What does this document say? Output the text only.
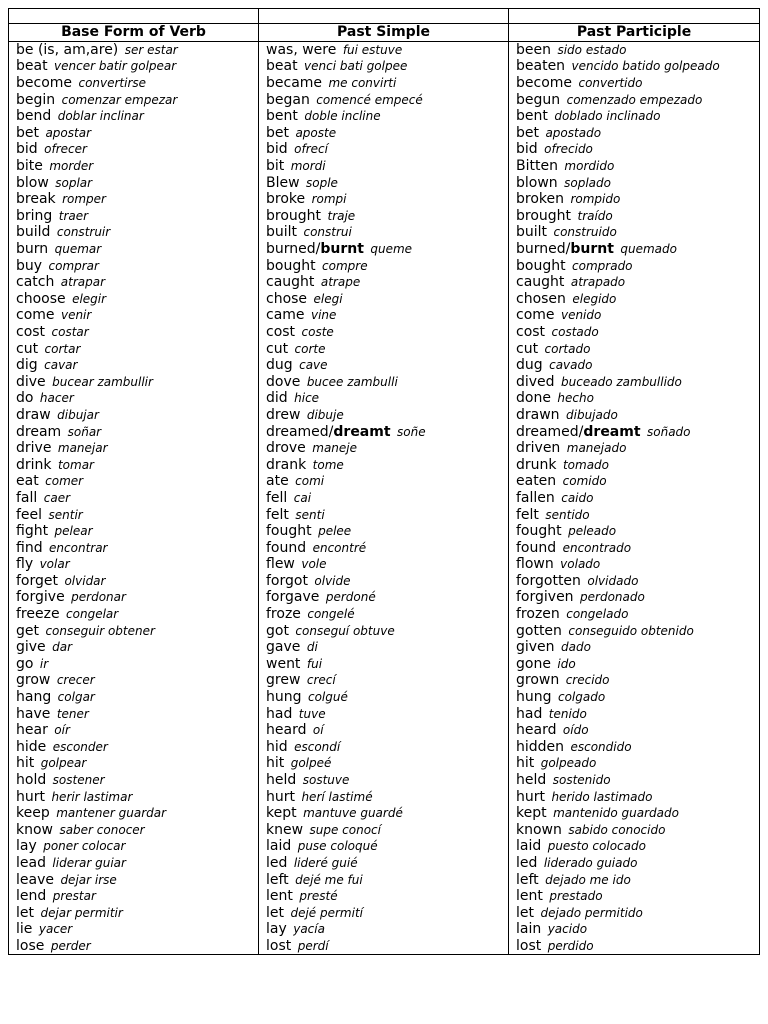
Base Form of Verb	Past Simple	Past Participle
be (is, am,are) ser estar	was, were fui estuve	been sido estado
beat vencer batir golpear	beat venci bati golpee	beaten vencido batido golpeado
become convertirse	became me convirti	become convertido
begin comenzar empezar	began comencé empecé	begun comenzado empezado
bend doblar inclinar	bent doble incline	bent doblado inclinado
bet apostar	bet aposte	bet apostado
bid ofrecer	bid ofrecí	bid ofrecido
bite morder	bit mordi	Bitten mordido
blow soplar	Blew sople	blown soplado
break romper	broke rompi	broken rompido
bring traer	brought traje	brought traído
build construir	built construi	built construido
burn quemar	burned/burnt queme	burned/burnt quemado
buy comprar	bought compre	bought comprado
catch atrapar	caught atrape	caught atrapado
choose elegir	chose elegi	chosen elegido
come venir	came vine	come venido
cost costar	cost coste	cost costado
cut cortar	cut corte	cut cortado
dig cavar	dug cave	dug cavado
dive bucear zambullir	dove bucee zambulli	dived buceado zambullido
do hacer	did hice	done hecho
draw dibujar	drew dibuje	drawn dibujado
dream soñar	dreamed/dreamt soñe	dreamed/dreamt soñado
drive manejar	drove maneje	driven manejado
drink tomar	drank tome	drunk tomado
eat comer	ate comi	eaten comido
fall caer	fell cai	fallen caido
feel sentir	felt senti	felt sentido
fight pelear	fought pelee	fought peleado
find encontrar	found encontré	found encontrado
fly volar	flew vole	flown volado
forget olvidar	forgot olvide	forgotten olvidado
forgive perdonar	forgave perdoné	forgiven perdonado
freeze congelar	froze congelé	frozen congelado
get conseguir obtener	got conseguí obtuve	gotten conseguido obtenido
give dar	gave di	given dado
go ir	went fui	gone ido
grow crecer	grew crecí	grown crecido
hang colgar	hung colgué	hung colgado
have tener	had tuve	had tenido
hear oír	heard oí	heard oído
hide esconder	hid escondí	hidden escondido
hit golpear	hit golpeé	hit golpeado
hold sostener	held sostuve	held sostenido
hurt herir lastimar	hurt herí lastimé	hurt herido lastimado
keep mantener guardar	kept mantuve guardé	kept mantenido guardado
know saber conocer	knew supe conocí	known sabido conocido
lay poner colocar	laid puse coloqué	laid puesto colocado
lead liderar guiar	led lideré guié	led liderado guiado
leave dejar irse	left dejé me fui	left dejado me ido
lend prestar	lent presté	lent prestado
let dejar permitir	let dejé permití	let dejado permitido
lie yacer	lay yacía	lain yacido
lose perder	lost perdí	lost perdido
